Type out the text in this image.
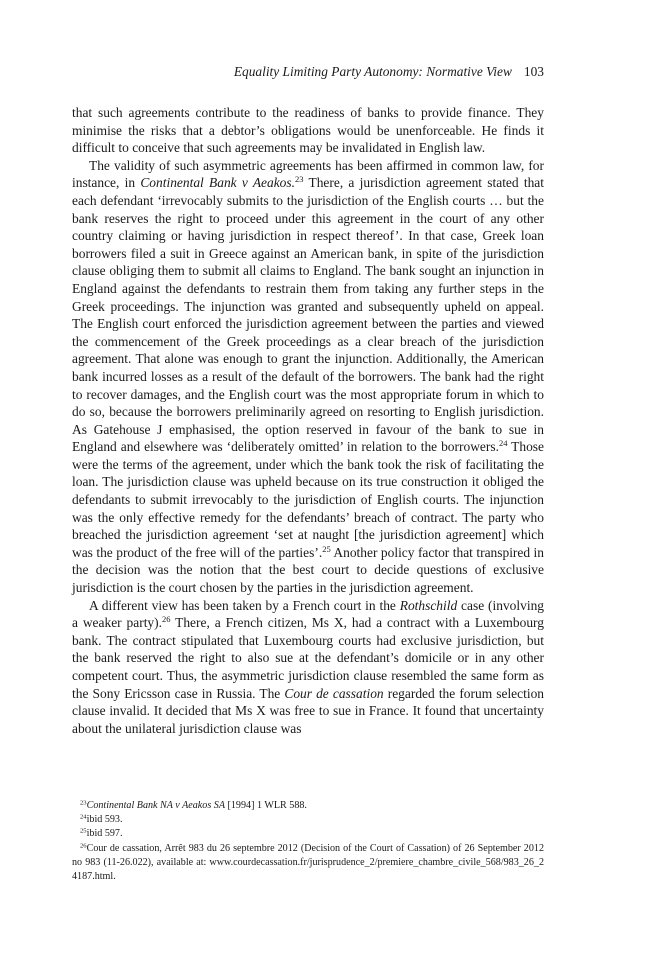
Equality Limiting Party Autonomy: Normative View 103

that such agreements contribute to the readiness of banks to provide finance. They minimise the risks that a debtor’s obligations would be unenforceable. He finds it difficult to conceive that such agreements may be invalidated in English law.

The validity of such asymmetric agreements has been affirmed in common law, for instance, in Continental Bank v Aeakos.$^{23}$ There, a jurisdiction agreement stated that each defendant ‘irrevocably submits to the jurisdiction of the English courts … but the bank reserves the right to proceed under this agreement in the court of any other country claiming or having jurisdiction in respect thereof’. In that case, Greek loan borrowers filed a suit in Greece against an American bank, in spite of the jurisdiction clause obliging them to submit all claims to England. The bank sought an injunction in England against the defendants to restrain them from taking any further steps in the Greek proceedings. The injunction was granted and subsequently upheld on appeal. The English court enforced the jurisdiction agreement between the parties and viewed the commencement of the Greek proceedings as a clear breach of the jurisdiction agreement. That alone was enough to grant the injunction. Additionally, the American bank incurred losses as a result of the default of the borrowers. The bank had the right to recover damages, and the English court was the most appropriate forum in which to do so, because the borrowers preliminarily agreed on resorting to English jurisdiction. As Gatehouse J emphasised, the option reserved in favour of the bank to sue in England and elsewhere was ‘deliberately omitted’ in relation to the borrowers.$^{24}$ Those were the terms of the agreement, under which the bank took the risk of facilitating the loan. The jurisdiction clause was upheld because on its true construction it obliged the defendants to submit irrevocably to the jurisdiction of English courts. The injunction was the only effective remedy for the defendants’ breach of contract. The party who breached the jurisdiction agreement ‘set at naught [the jurisdiction agreement] which was the product of the free will of the parties’.$^{25}$ Another policy factor that transpired in the decision was the notion that the best court to decide questions of exclusive jurisdiction is the court chosen by the parties in the jurisdiction agreement.

A different view has been taken by a French court in the Rothschild case (involving a weaker party).$^{26}$ There, a French citizen, Ms X, had a contract with a Luxembourg bank. The contract stipulated that Luxembourg courts had exclusive jurisdiction, but the bank reserved the right to also sue at the defendant’s domicile or in any other competent court. Thus, the asymmetric jurisdiction clause resembled the same form as the Sony Ericsson case in Russia. The Cour de cassation regarded the forum selection clause invalid. It decided that Ms X was free to sue in France. It found that uncertainty about the unilateral jurisdiction clause was

$^{23}$Continental Bank NA v Aeakos SA [1994] 1 WLR 588.

$^{24}$ibid 593.

$^{25}$ibid 597.

$^{26}$Cour de cassation, Arrêt 983 du 26 septembre 2012 (Decision of the Court of Cassation) of 26 September 2012 no 983 (11-26.022), available at: www.courdecassation.fr/jurisprudence_2/premiere_chambre_civile_568/983_26_24187.html.
